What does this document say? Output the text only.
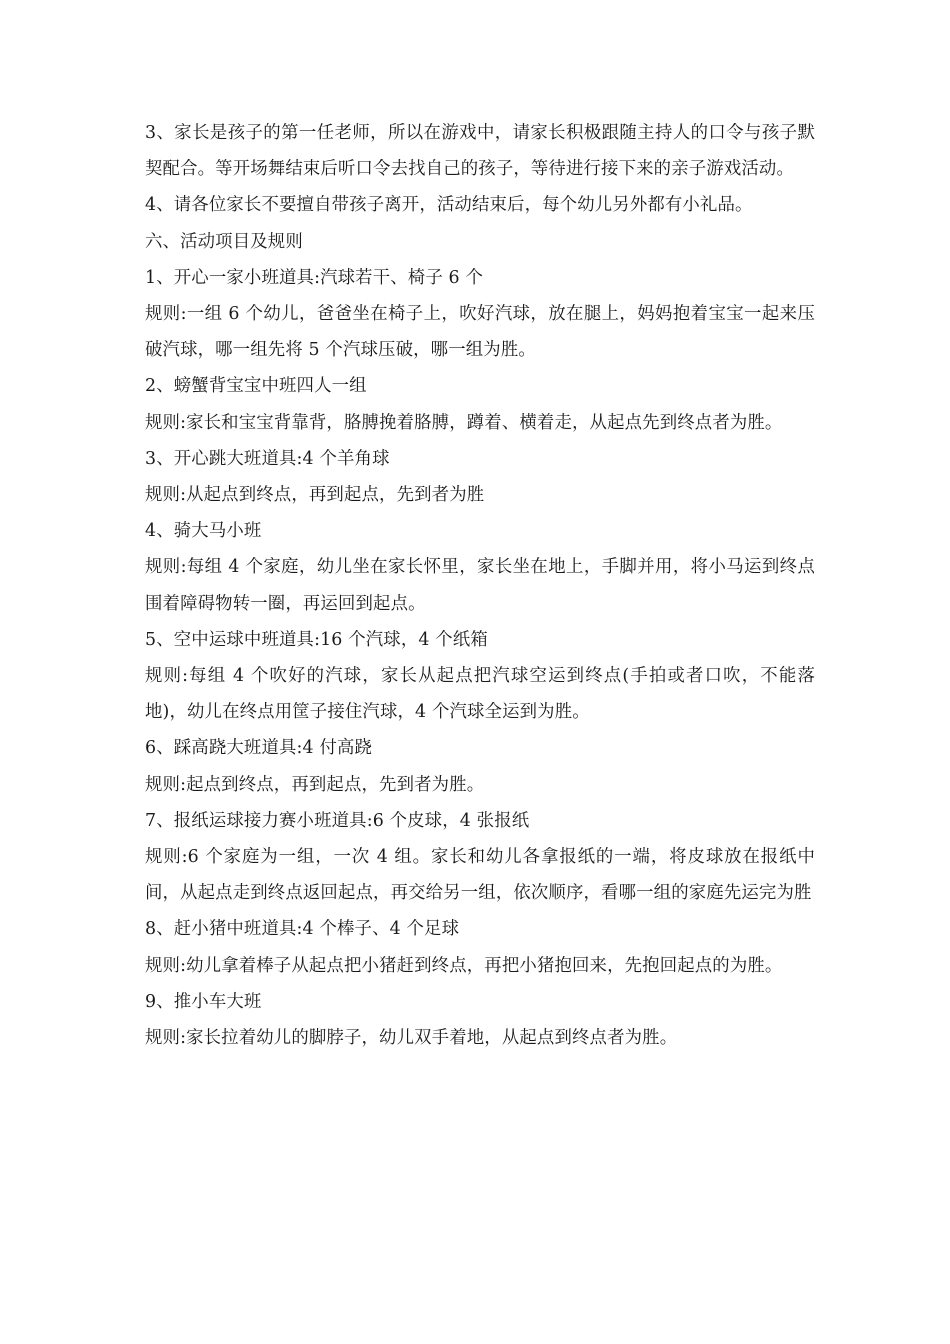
3、家长是孩子的第一任老师，所以在游戏中，请家长积极跟随主持人的口令与孩子默契配合。等开场舞结束后听口令去找自己的孩子，等待进行接下来的亲子游戏活动。

4、请各位家长不要擅自带孩子离开，活动结束后，每个幼儿另外都有小礼品。

六、活动项目及规则

1、开心一家小班道具:汽球若干、椅子 6 个

规则:一组 6 个幼儿，爸爸坐在椅子上，吹好汽球，放在腿上，妈妈抱着宝宝一起来压破汽球，哪一组先将 5 个汽球压破，哪一组为胜。

2、螃蟹背宝宝中班四人一组

规则:家长和宝宝背靠背，胳膊挽着胳膊，蹲着、横着走，从起点先到终点者为胜。

3、开心跳大班道具:4 个羊角球

规则:从起点到终点，再到起点，先到者为胜

4、骑大马小班

规则:每组 4 个家庭，幼儿坐在家长怀里，家长坐在地上，手脚并用，将小马运到终点围着障碍物转一圈，再运回到起点。

5、空中运球中班道具:16 个汽球，4 个纸箱

规则:每组 4 个吹好的汽球，家长从起点把汽球空运到终点(手拍或者口吹，不能落地)，幼儿在终点用筐子接住汽球，4 个汽球全运到为胜。

6、踩高跷大班道具:4 付高跷

规则:起点到终点，再到起点，先到者为胜。

7、报纸运球接力赛小班道具:6 个皮球，4 张报纸

规则:6 个家庭为一组，一次 4 组。家长和幼儿各拿报纸的一端，将皮球放在报纸中间，从起点走到终点返回起点，再交给另一组，依次顺序，看哪一组的家庭先运完为胜

8、赶小猪中班道具:4 个棒子、4 个足球

规则:幼儿拿着棒子从起点把小猪赶到终点，再把小猪抱回来，先抱回起点的为胜。

9、推小车大班

规则:家长拉着幼儿的脚脖子，幼儿双手着地，从起点到终点者为胜。
